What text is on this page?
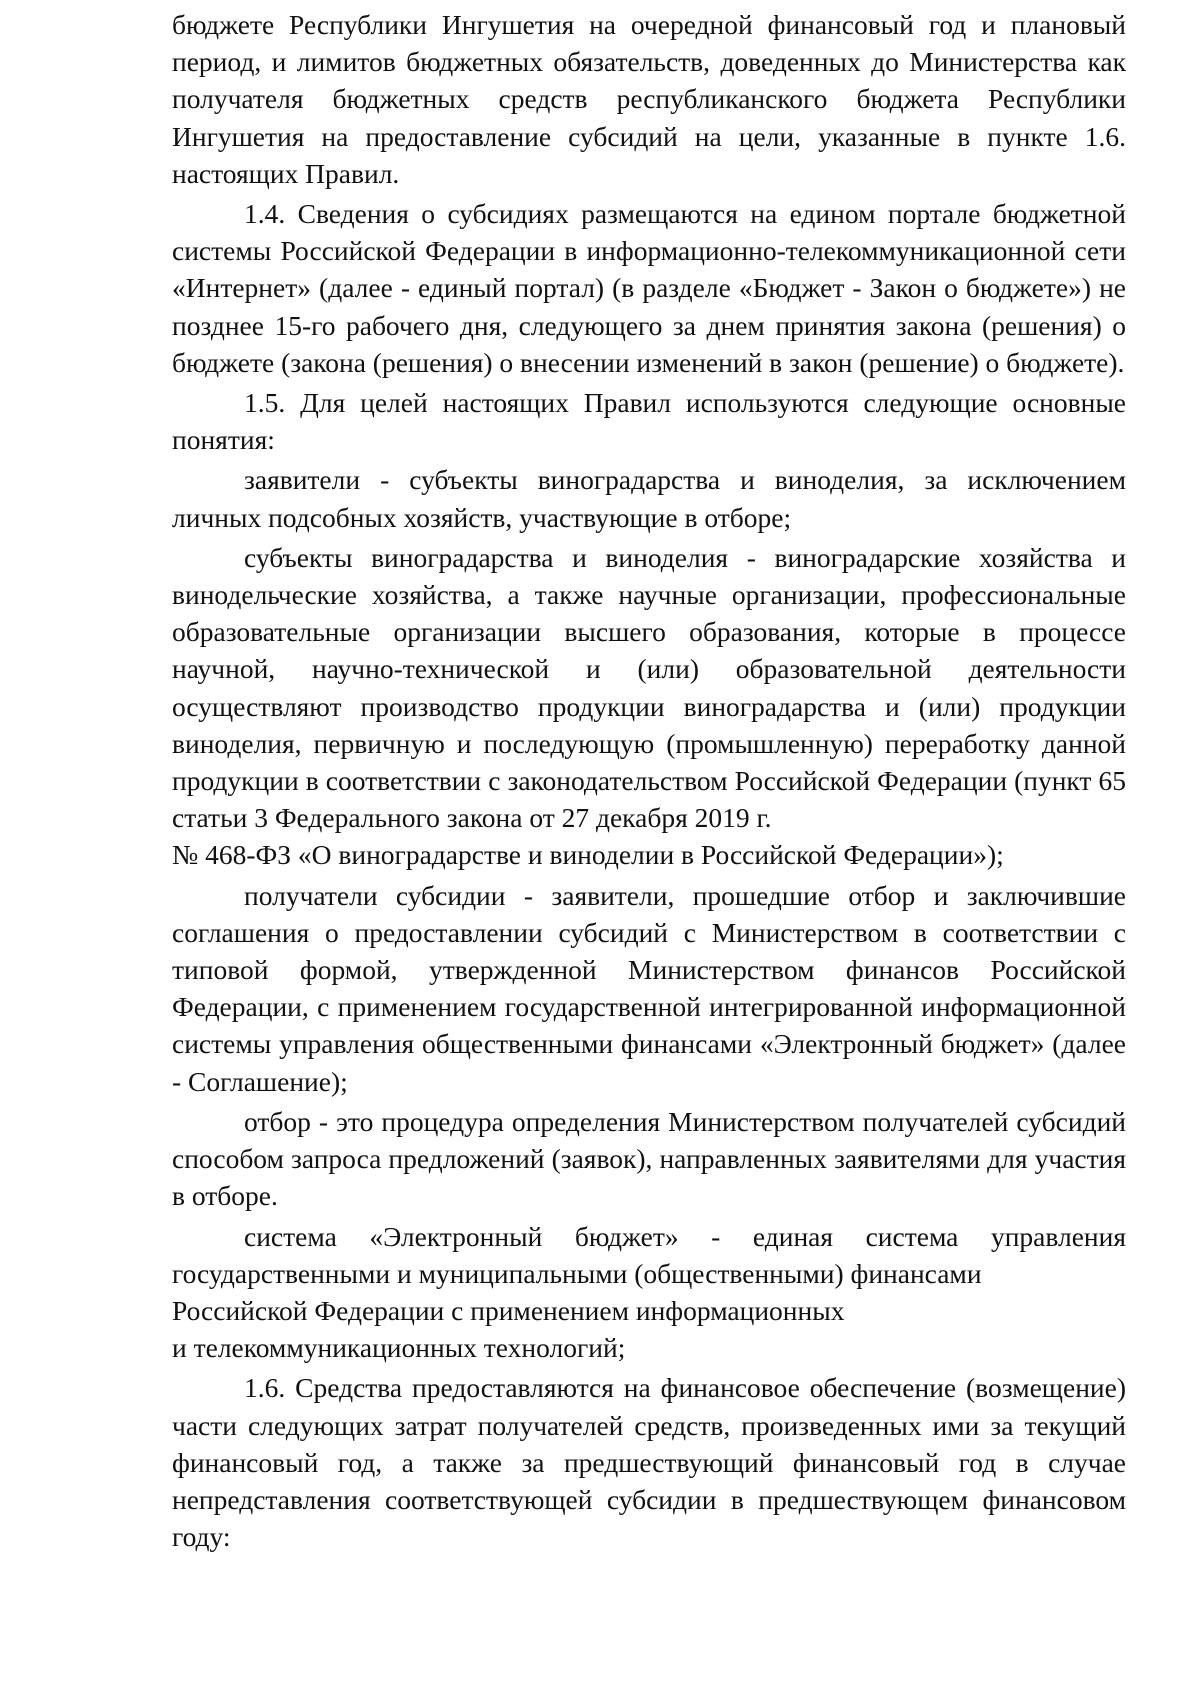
бюджете Республики Ингушетия на очередной финансовый год и плановый период, и лимитов бюджетных обязательств, доведенных до Министерства как получателя бюджетных средств республиканского бюджета Республики Ингушетия на предоставление субсидий на цели, указанные в пункте 1.6. настоящих Правил.

1.4. Сведения о субсидиях размещаются на едином портале бюджетной системы Российской Федерации в информационно-телекоммуникационной сети «Интернет» (далее - единый портал) (в разделе «Бюджет - Закон о бюджете») не позднее 15-го рабочего дня, следующего за днем принятия закона (решения) о бюджете (закона (решения) о внесении изменений в закон (решение) о бюджете).

1.5. Для целей настоящих Правил используются следующие основные понятия:

заявители - субъекты виноградарства и виноделия, за исключением личных подсобных хозяйств, участвующие в отборе;

субъекты виноградарства и виноделия - виноградарские хозяйства и винодельческие хозяйства, а также научные организации, профессиональные образовательные организации высшего образования, которые в процессе научной, научно-технической и (или) образовательной деятельности осуществляют производство продукции виноградарства и (или) продукции виноделия, первичную и последующую (промышленную) переработку данной продукции в соответствии с законодательством Российской Федерации (пункт 65 статьи 3 Федерального закона от 27 декабря 2019 г.

№ 468-ФЗ «О виноградарстве и виноделии в Российской Федерации»);

получатели субсидии - заявители, прошедшие отбор и заключившие соглашения о предоставлении субсидий с Министерством в соответствии с типовой формой, утвержденной Министерством финансов Российской Федерации, с применением государственной интегрированной информационной системы управления общественными финансами «Электронный бюджет» (далее - Соглашение);

отбор - это процедура определения Министерством получателей субсидий способом запроса предложений (заявок), направленных заявителями для участия в отборе.

система «Электронный бюджет» - единая система управления государственными и муниципальными (общественными) финансами

Российской Федерации с применением информационных

и телекоммуникационных технологий;

1.6. Средства предоставляются на финансовое обеспечение (возмещение) части следующих затрат получателей средств, произведенных ими за текущий финансовый год, а также за предшествующий финансовый год в случае непредставления соответствующей субсидии в предшествующем финансовом году:
